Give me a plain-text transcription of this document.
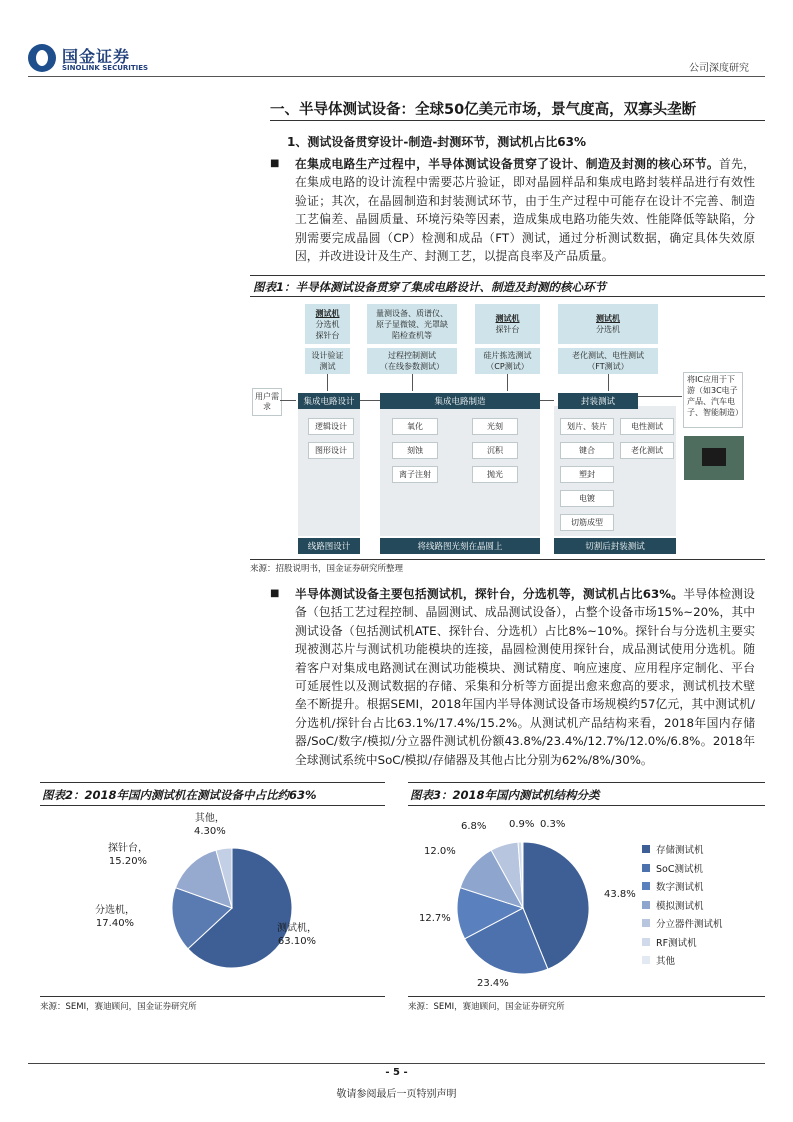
国金证券
SINOLINK SECURITIES	公司深度研究
一、半导体测试设备：全球50亿美元市场，景气度高，双寡头垄断
1、测试设备贯穿设计-制造-封测环节，测试机占比63%
■ 在集成电路生产过程中，半导体测试设备贯穿了设计、制造及封测的核心环节。首先，在集成电路的设计流程中需要芯片验证，即对晶圆样品和集成电路封装样品进行有效性验证；其次，在晶圆制造和封装测试环节，由于生产过程中可能存在设计不完善、制造工艺偏差、晶圆质量、环境污染等因素，造成集成电路功能失效、性能降低等缺陷，分别需要完成晶圆（CP）检测和成品（FT）测试，通过分析测试数据，确定具体失效原因，并改进设计及生产、封测工艺，以提高良率及产品质量。
图表1：半导体测试设备贯穿了集成电路设计、制造及封测的核心环节
测试机
分选机
探针台
量测设备、质谱仪、
原子显微镜、光罩缺
陷检查机等
测试机
探针台
测试机
分选机
设计验证
测试
过程控制测试
（在线参数测试）
硅片拣选测试
（CP测试）
老化测试、电性测试
（FT测试）
用户需求	集成电路设计	集成电路制造	封装测试
将IC应用于下游（如3C电子产品、汽车电子、智能制造）
逻辑设计
图形设计
氧化	光刻
刻蚀	沉积
离子注射	抛光
划片、装片	电性测试
键合	老化测试
塑封
电镀
切筋成型
线路图设计	将线路图光刻在晶圆上	切割后封装测试
来源：招股说明书，国金证券研究所整理
■ 半导体测试设备主要包括测试机，探针台，分选机等，测试机占比63%。半导体检测设备（包括工艺过程控制、晶圆测试、成品测试设备），占整个设备市场15%~20%，其中测试设备（包括测试机ATE、探针台、分选机）占比8%~10%。探针台与分选机主要实现被测芯片与测试机功能模块的连接，晶圆检测使用探针台，成品测试使用分选机。随着客户对集成电路测试在测试功能模块、测试精度、响应速度、应用程序定制化、平台可延展性以及测试数据的存储、采集和分析等方面提出愈来愈高的要求，测试机技术壁垒不断提升。根据SEMI，2018年国内半导体测试设备市场规模约57亿元，其中测试机/分选机/探针台占比63.1%/17.4%/15.2%。从测试机产品结构来看，2018年国内存储器/SoC/数字/模拟/分立器件测试机份额43.8%/23.4%/12.7%/12.0%/6.8%。2018年全球测试系统中SoC/模拟/存储器及其他占比分别为62%/8%/30%。
图表2：2018年国内测试机在测试设备中占比约63%
测试机，
63.10%
分选机，
17.40%
探针台，
15.20%
其他，
4.30%
来源：SEMI，赛迪顾问，国金证券研究所
图表3：2018年国内测试机结构分类
43.8%
23.4%
12.7%
12.0%
6.8% 0.9% 0.3%
存储测试机
SoC测试机
数字测试机
模拟测试机
分立器件测试机
RF测试机
其他
来源：SEMI，赛迪顾问，国金证券研究所
- 5 -
敬请参阅最后一页特别声明
